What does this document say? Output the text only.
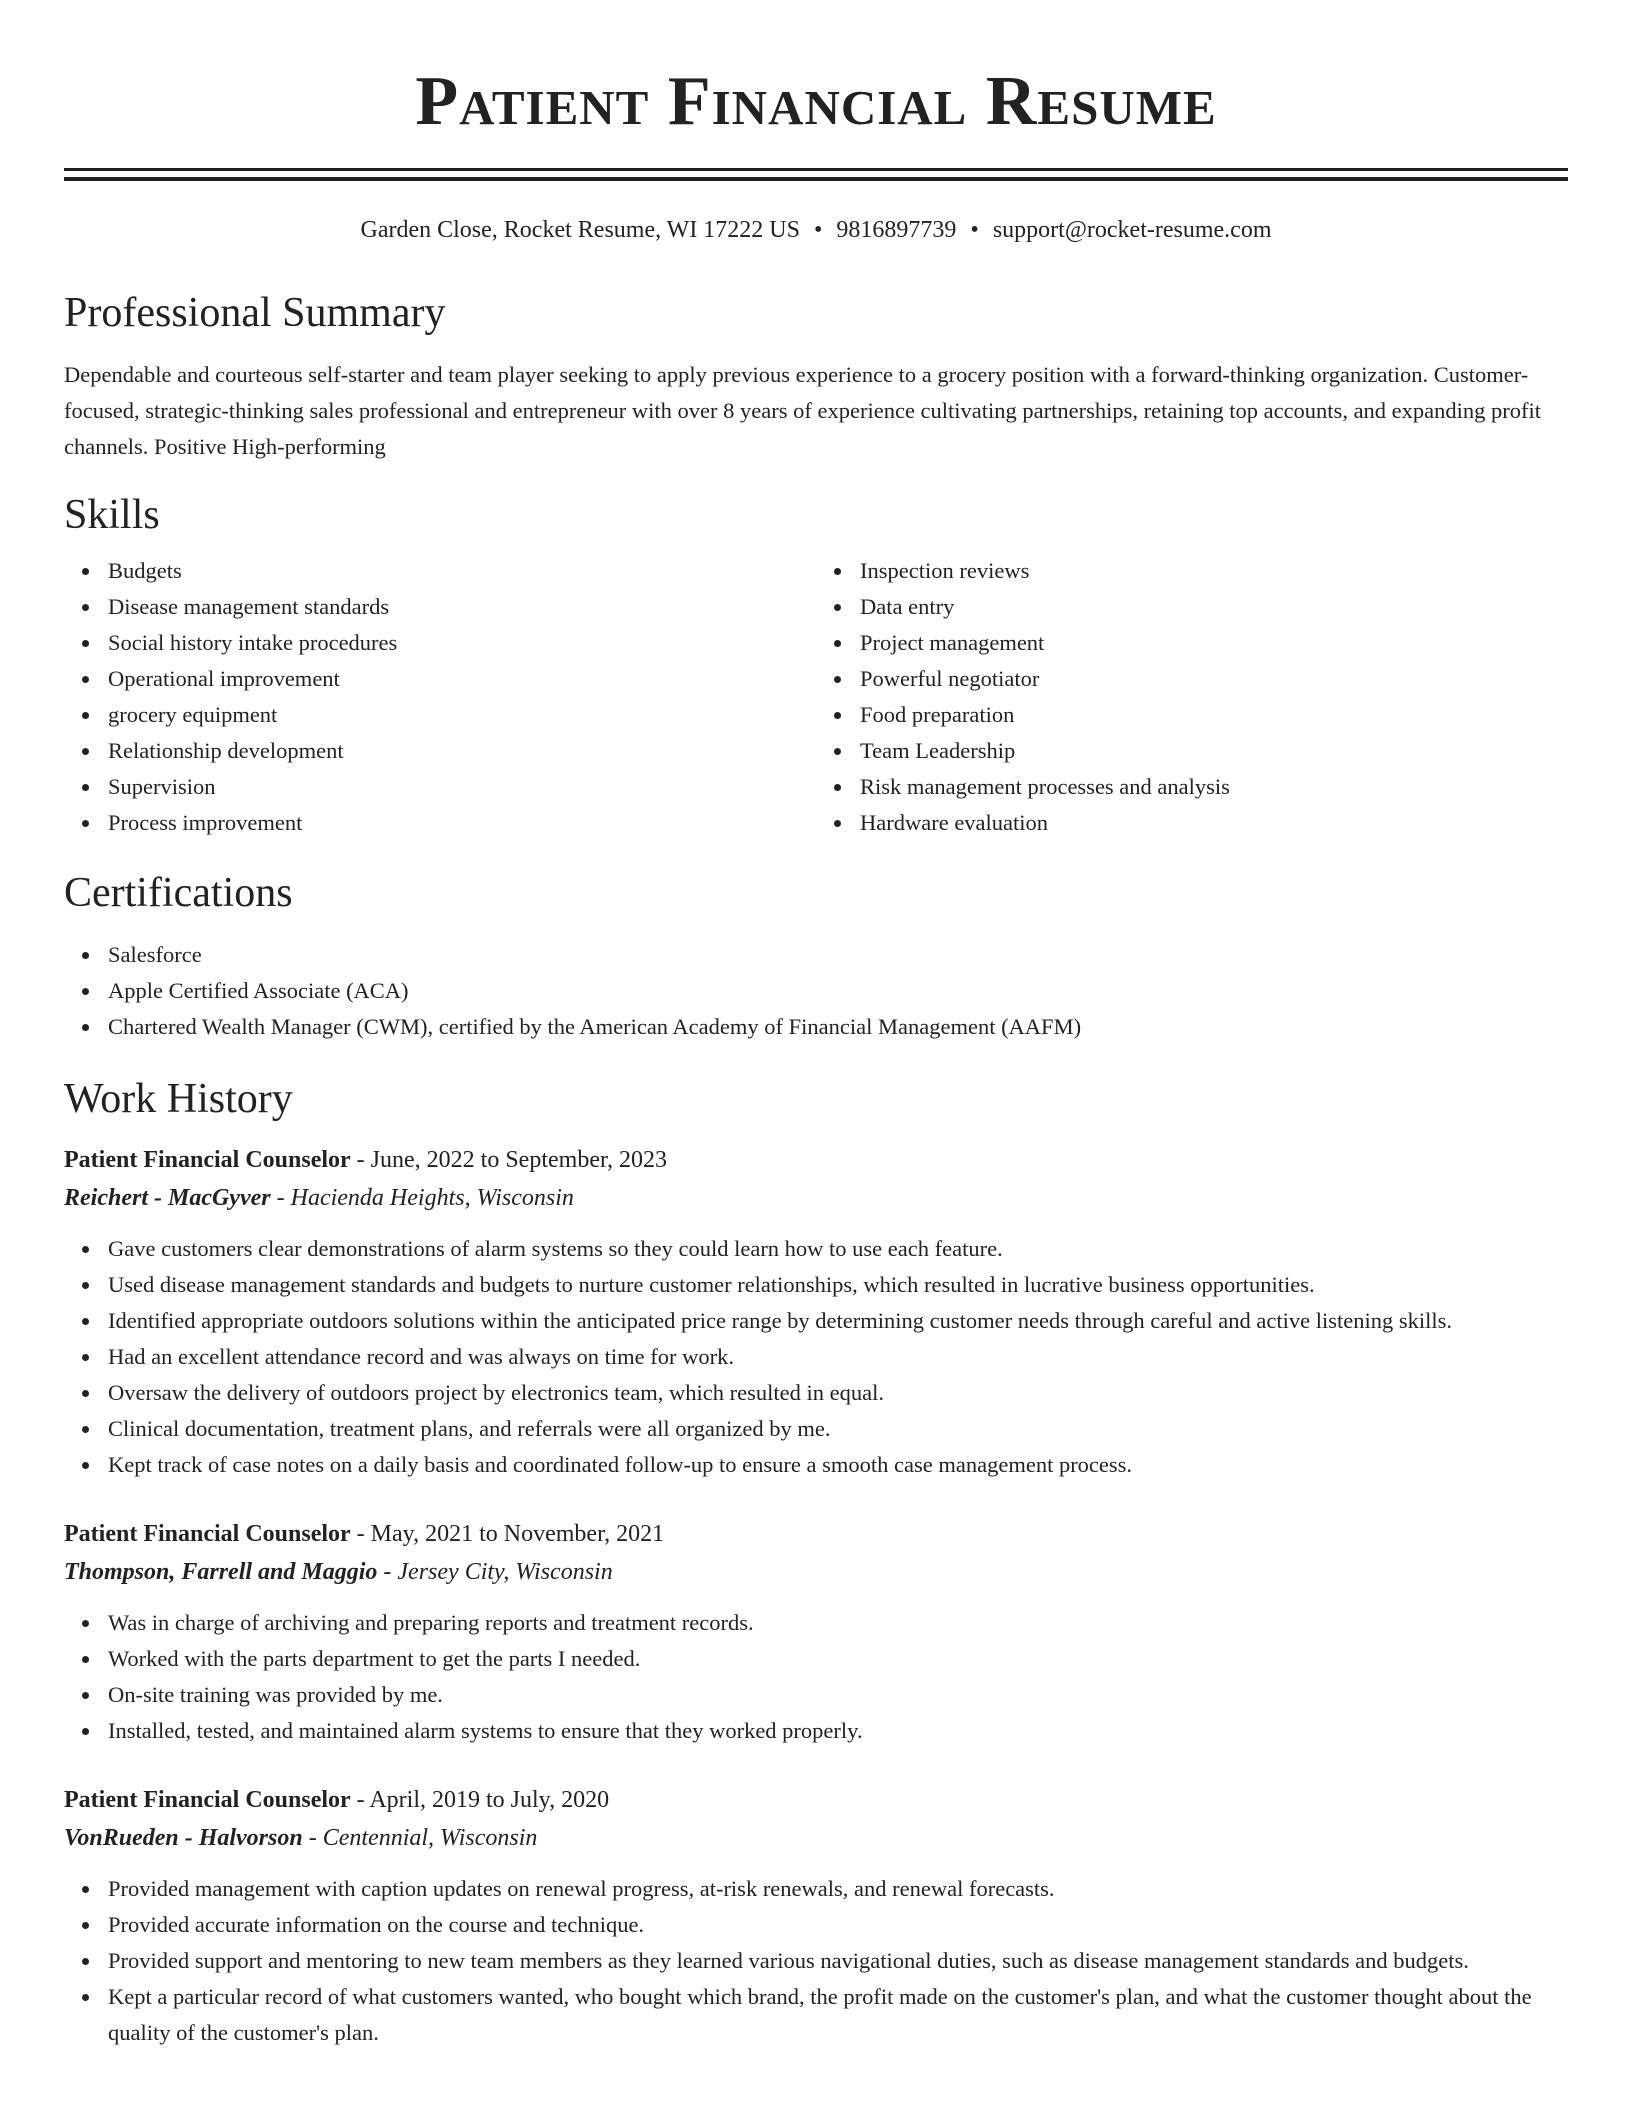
Patient Financial Resume
Garden Close, Rocket Resume, WI 17222 US • 9816897739 • support@rocket-resume.com
Professional Summary
Dependable and courteous self-starter and team player seeking to apply previous experience to a grocery position with a forward-thinking organization. Customer-focused, strategic-thinking sales professional and entrepreneur with over 8 years of experience cultivating partnerships, retaining top accounts, and expanding profit channels. Positive High-performing
Skills
Budgets
Disease management standards
Social history intake procedures
Operational improvement
grocery equipment
Relationship development
Supervision
Process improvement
Inspection reviews
Data entry
Project management
Powerful negotiator
Food preparation
Team Leadership
Risk management processes and analysis
Hardware evaluation
Certifications
Salesforce
Apple Certified Associate (ACA)
Chartered Wealth Manager (CWM), certified by the American Academy of Financial Management (AAFM)
Work History
Patient Financial Counselor - June, 2022 to September, 2023
Reichert - MacGyver - Hacienda Heights, Wisconsin
Gave customers clear demonstrations of alarm systems so they could learn how to use each feature.
Used disease management standards and budgets to nurture customer relationships, which resulted in lucrative business opportunities.
Identified appropriate outdoors solutions within the anticipated price range by determining customer needs through careful and active listening skills.
Had an excellent attendance record and was always on time for work.
Oversaw the delivery of outdoors project by electronics team, which resulted in equal.
Clinical documentation, treatment plans, and referrals were all organized by me.
Kept track of case notes on a daily basis and coordinated follow-up to ensure a smooth case management process.
Patient Financial Counselor - May, 2021 to November, 2021
Thompson, Farrell and Maggio - Jersey City, Wisconsin
Was in charge of archiving and preparing reports and treatment records.
Worked with the parts department to get the parts I needed.
On-site training was provided by me.
Installed, tested, and maintained alarm systems to ensure that they worked properly.
Patient Financial Counselor - April, 2019 to July, 2020
VonRueden - Halvorson - Centennial, Wisconsin
Provided management with caption updates on renewal progress, at-risk renewals, and renewal forecasts.
Provided accurate information on the course and technique.
Provided support and mentoring to new team members as they learned various navigational duties, such as disease management standards and budgets.
Kept a particular record of what customers wanted, who bought which brand, the profit made on the customer's plan, and what the customer thought about the quality of the customer's plan.
